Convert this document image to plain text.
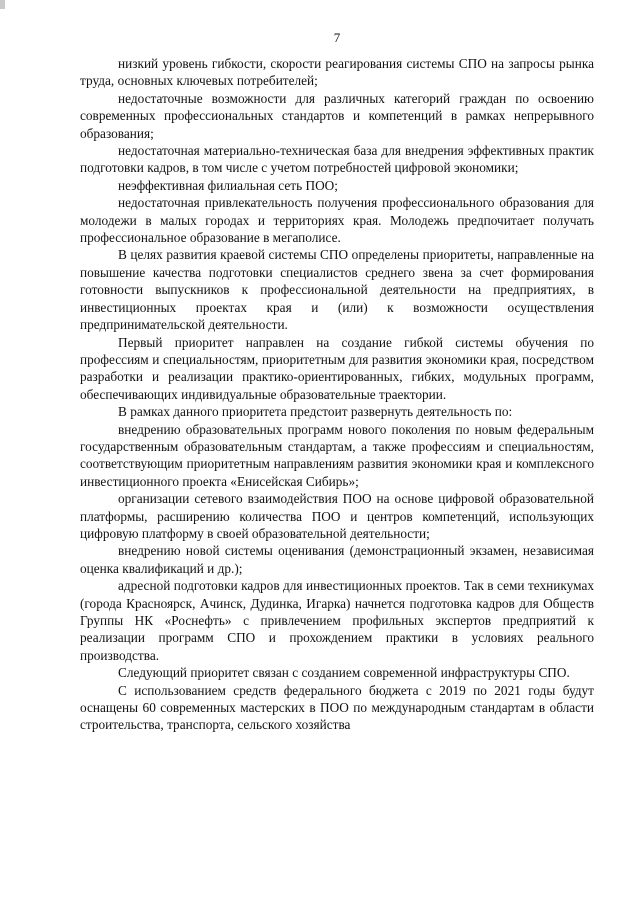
7

низкий уровень гибкости, скорости реагирования системы СПО на запросы рынка труда, основных ключевых потребителей;

недостаточные возможности для различных категорий граждан по освоению современных профессиональных стандартов и компетенций в рамках непрерывного образования;

недостаточная материально-техническая база для внедрения эффективных практик подготовки кадров, в том числе с учетом потребностей цифровой экономики;

неэффективная филиальная сеть ПОО;

недостаточная привлекательность получения профессионального образования для молодежи в малых городах и территориях края. Молодежь предпочитает получать профессиональное образование в мегаполисе.

В целях развития краевой системы СПО определены приоритеты, направленные на повышение качества подготовки специалистов среднего звена за счет формирования готовности выпускников к профессиональной деятельности на предприятиях, в инвестиционных проектах края и (или) к возможности осуществления предпринимательской деятельности.

Первый приоритет направлен на создание гибкой системы обучения по профессиям и специальностям, приоритетным для развития экономики края, посредством разработки и реализации практико-ориентированных, гибких, модульных программ, обеспечивающих индивидуальные образовательные траектории.

В рамках данного приоритета предстоит развернуть деятельность по:

внедрению образовательных программ нового поколения по новым федеральным государственным образовательным стандартам, а также профессиям и специальностям, соответствующим приоритетным направлениям развития экономики края и комплексного инвестиционного проекта «Енисейская Сибирь»;

организации сетевого взаимодействия ПОО на основе цифровой образовательной платформы, расширению количества ПОО и центров компетенций, использующих цифровую платформу в своей образовательной деятельности;

внедрению новой системы оценивания (демонстрационный экзамен, независимая оценка квалификаций и др.);

адресной подготовки кадров для инвестиционных проектов. Так в семи техникумах (города Красноярск, Ачинск, Дудинка, Игарка) начнется подготовка кадров для Обществ Группы НК «Роснефть» с привлечением профильных экспертов предприятий к реализации программ СПО и прохождением практики в условиях реального производства.

Следующий приоритет связан с созданием современной инфраструктуры СПО.

С использованием средств федерального бюджета с 2019 по 2021 годы будут оснащены 60 современных мастерских в ПОО по международным стандартам в области строительства, транспорта, сельского хозяйства
